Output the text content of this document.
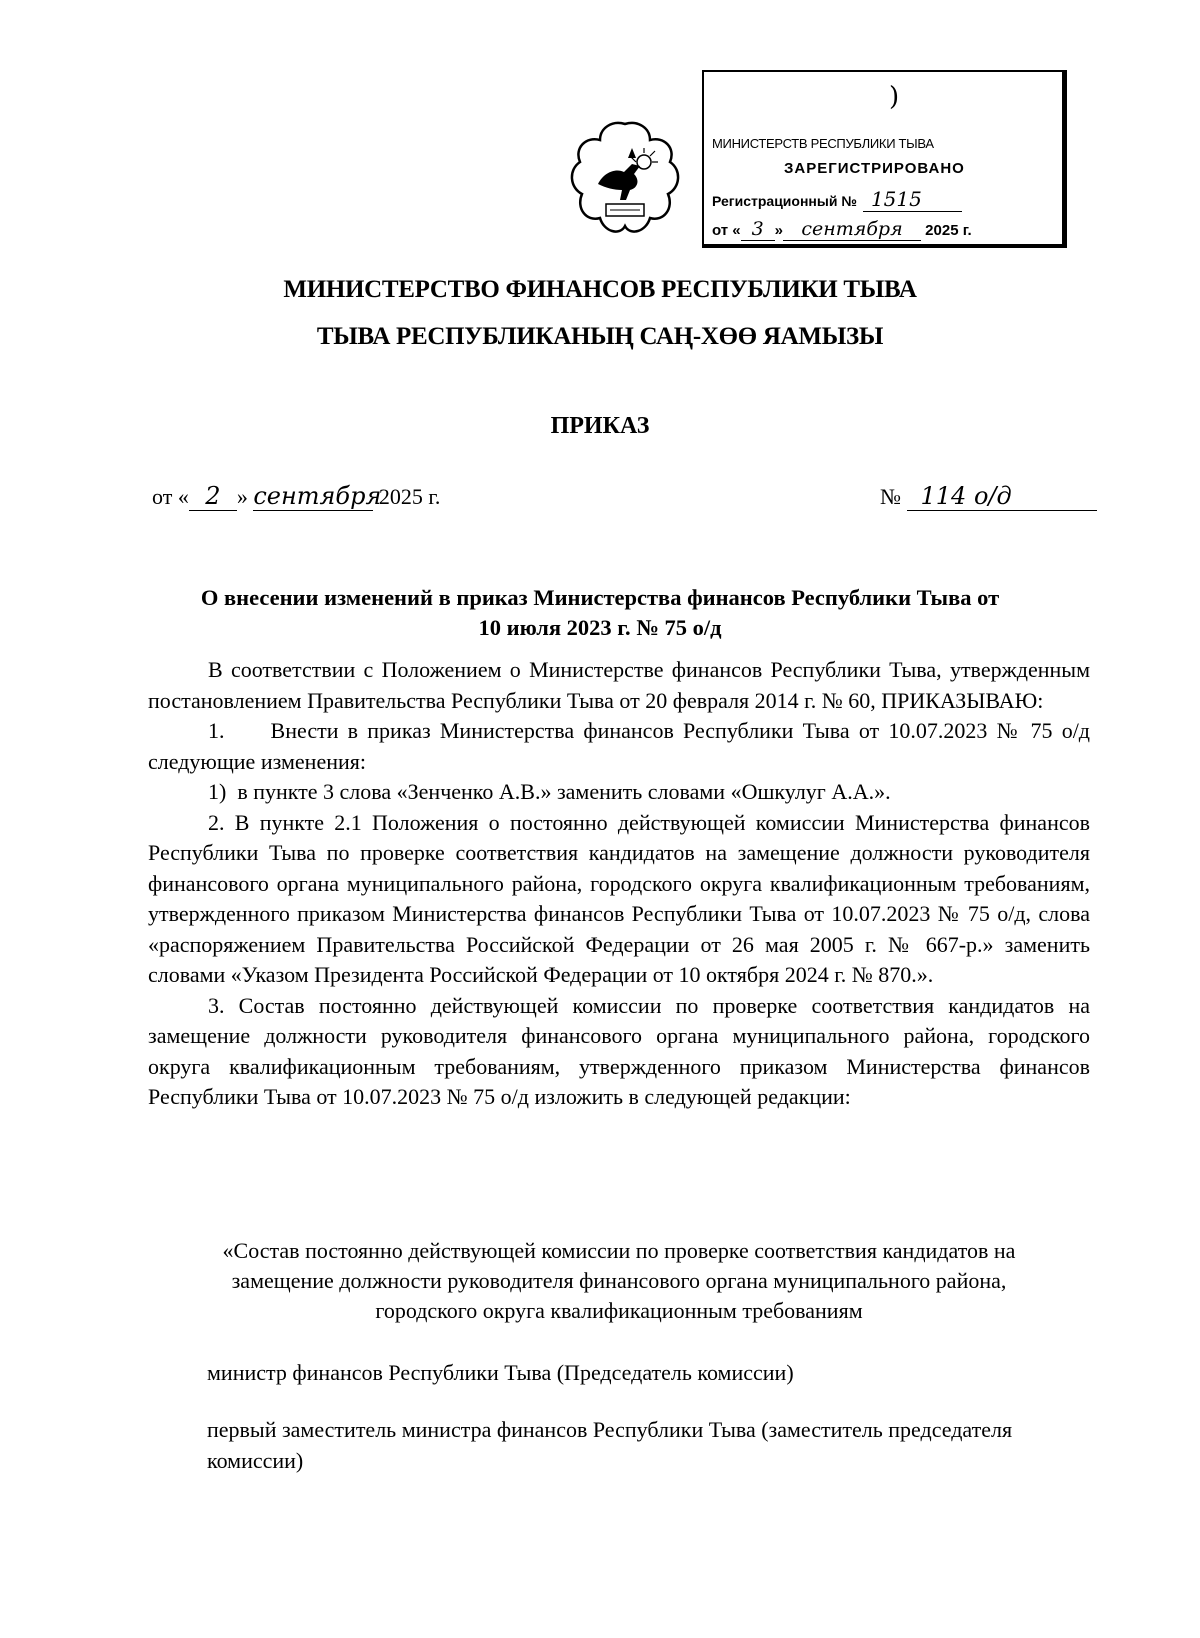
)
МИНИСТЕРСТВ РЕСПУБЛИКИ ТЫВА
ЗАРЕГИСТРИРОВАНО
Регистрационный № 1515
от « 3 » сентября 2025 г.
МИНИСТЕРСТВО ФИНАНСОВ РЕСПУБЛИКИ ТЫВА
ТЫВА РЕСПУБЛИКАНЫҢ САҢ-ХӨӨ ЯАМЫЗЫ
ПРИКАЗ
от « 2 » сентября 2025 г.	№ 114 о/д
О внесении изменений в приказ Министерства финансов Республики Тыва от
10 июля 2023 г. № 75 о/д

В соответствии с Положением о Министерстве финансов Республики Тыва, утвержденным постановлением Правительства Республики Тыва от 20 февраля 2014 г. № 60, ПРИКАЗЫВАЮ:

1.     Внести в приказ Министерства финансов Республики Тыва от 10.07.2023 № 75 о/д следующие изменения:

1)  в пункте 3 слова «Зенченко А.В.» заменить словами «Ошкулуг А.А.».

2. В пункте 2.1 Положения о постоянно действующей комиссии Министерства финансов Республики Тыва по проверке соответствия кандидатов на замещение должности руководителя финансового органа муниципального района, городского округа квалификационным требованиям, утвержденного приказом Министерства финансов Республики Тыва от 10.07.2023 № 75 о/д, слова «распоряжением Правительства Российской Федерации от 26 мая 2005 г. № 667-р.» заменить словами «Указом Президента Российской Федерации от 10 октября 2024 г. № 870.».

3. Состав постоянно действующей комиссии по проверке соответствия кандидатов на замещение должности руководителя финансового органа муниципального района, городского округа квалификационным требованиям, утвержденного приказом Министерства финансов Республики Тыва от 10.07.2023 № 75 о/д изложить в следующей редакции:

«Состав постоянно действующей комиссии по проверке соответствия кандидатов на
замещение должности руководителя финансового органа муниципального района,
городского округа квалификационным требованиям
министр финансов Республики Тыва (Председатель комиссии)
первый заместитель министра финансов Республики Тыва (заместитель председателя комиссии)
